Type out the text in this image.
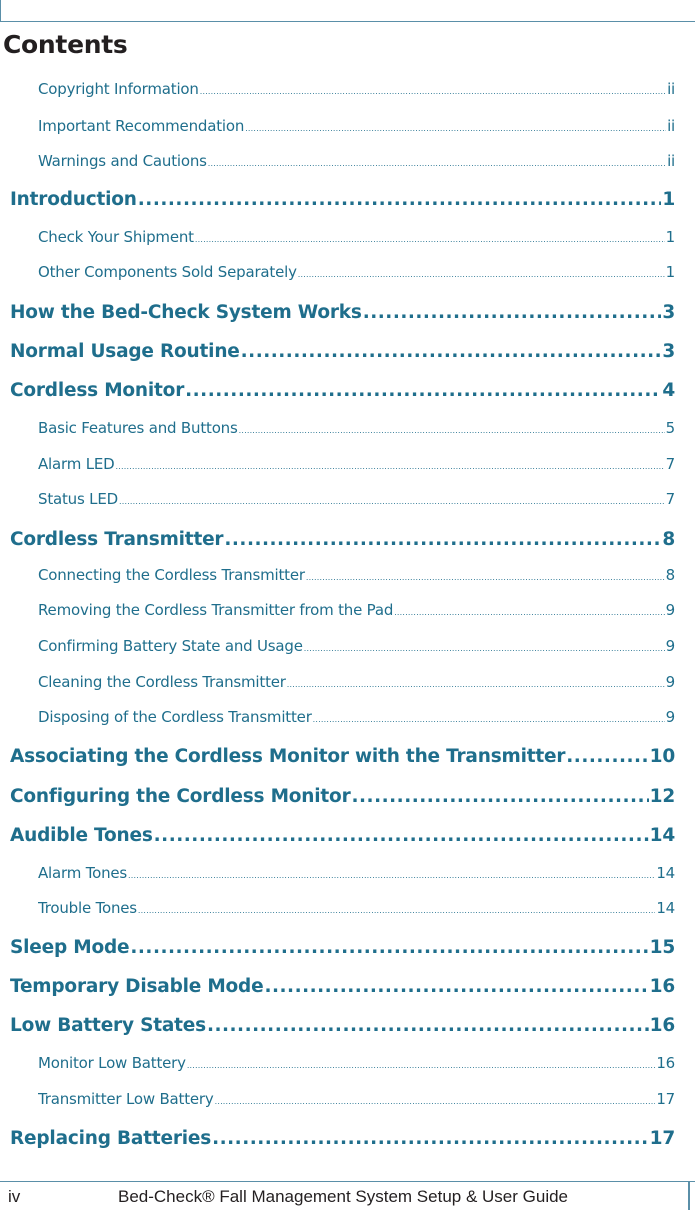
Contents
Copyright Information .....	ii
Important Recommendation .....	ii
Warnings and Cautions .....	ii
Introduction .....	1
Check Your Shipment .....	1
Other Components Sold Separately .....	1
How the Bed-Check System Works .....	3
Normal Usage Routine .....	3
Cordless Monitor .....	4
Basic Features and Buttons .....	5
Alarm LED .....	7
Status LED .....	7
Cordless Transmitter .....	8
Connecting the Cordless Transmitter .....	8
Removing the Cordless Transmitter from the Pad .....	9
Confirming Battery State and Usage .....	9
Cleaning the Cordless Transmitter .....	9
Disposing of the Cordless Transmitter .....	9
Associating the Cordless Monitor with the Transmitter .....	10
Configuring the Cordless Monitor .....	12
Audible Tones .....	14
Alarm Tones .....	14
Trouble Tones .....	14
Sleep Mode .....	15
Temporary Disable Mode .....	16
Low Battery States .....	16
Monitor Low Battery .....	16
Transmitter Low Battery .....	17
Replacing Batteries .....	17
iv	Bed-Check® Fall Management System Setup & User Guide
